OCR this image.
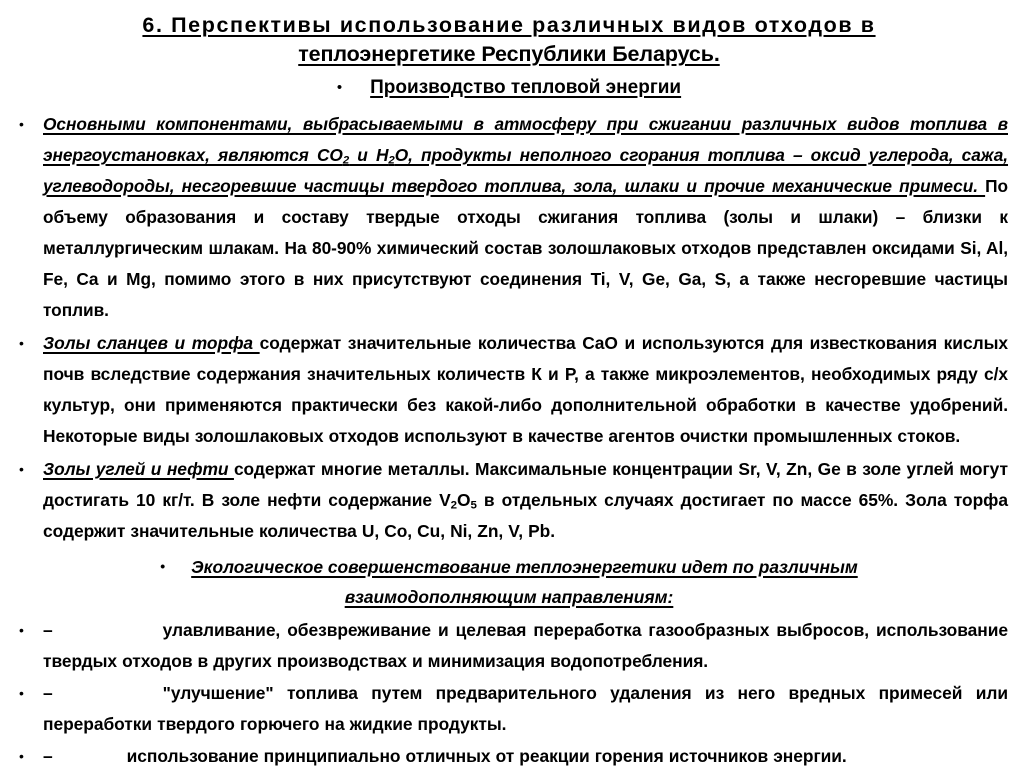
6. Перспективы использование различных видов отходов в
теплоэнергетике Республики Беларусь.
• Производство тепловой энергии
• Основными компонентами, выбрасываемыми в атмосферу при сжигании различных видов топлива в энергоустановках, являются $CO_2$ и $H_2O$, продукты неполного сгорания топлива – оксид углерода, сажа, углеводороды, несгоревшие частицы твердого топлива, зола, шлаки и прочие механические примеси. По объему образования и составу твердые отходы сжигания топлива (золы и шлаки) – близки к металлургическим шлакам. На 80-90% химический состав золошлаковых отходов представлен оксидами Si, Al, Fe, Ca и Mg, помимо этого в них присутствуют соединения Ti, V, Ge, Ga, S, а также несгоревшие частицы топлив.
• Золы сланцев и торфа содержат значительные количества CaO и используются для известкования кислых почв вследствие содержания значительных количеств К и Р, а также микроэлементов, необходимых ряду с/х культур, они применяются практически без какой-либо дополнительной обработки в качестве удобрений. Некоторые виды золошлаковых отходов используют в качестве агентов очистки промышленных стоков.
• Золы углей и нефти содержат многие металлы. Максимальные концентрации Sr, V, Zn, Ge в золе углей могут достигать 10 кг/т. В золе нефти содержание $V_2O_5$ в отдельных случаях достигает по массе 65%. Зола торфа содержит значительные количества U, Co, Cu, Ni, Zn, V, Pb.
• Экологическое совершенствование теплоэнергетики идет по различным
взаимодополняющим направлениям:
• –	улавливание, обезвреживание и целевая переработка газообразных выбросов, использование твердых отходов в других производствах и минимизация водопотребления.
• –	"улучшение" топлива путем предварительного удаления из него вредных примесей или переработки твердого горючего на жидкие продукты.
• –	использование принципиально отличных от реакции горения источников энергии.
